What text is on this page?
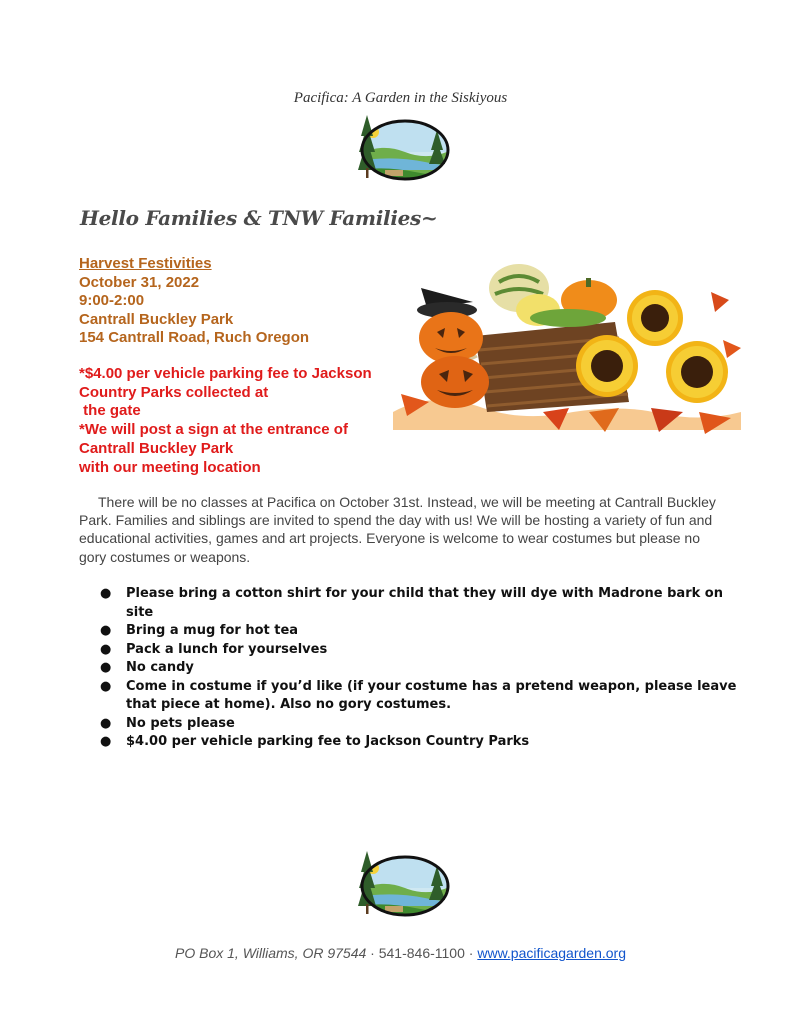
Pacifica: A Garden in the Siskiyous
Hello Families & TNW Families~
Harvest Festivities
October 31, 2022
9:00-2:00
Cantrall Buckley Park
154 Cantrall Road, Ruch Oregon
*$4.00 per vehicle parking fee to Jackson
Country Parks collected at
the gate
*We will post a sign at the entrance of
Cantrall Buckley Park
with our meeting location

There will be no classes at Pacifica on October 31st. Instead, we will be meeting at Cantrall Buckley Park. Families and siblings are invited to spend the day with us! We will be hosting a variety of fun and educational activities, games and art projects. Everyone is welcome to wear costumes but please no gory costumes or weapons.

● Please bring a cotton shirt for your child that they will dye with Madrone bark on site
● Bring a mug for hot tea
● Pack a lunch for yourselves
● No candy
● Come in costume if you’d like (if your costume has a pretend weapon, please leave that piece at home). Also no gory costumes.
● No pets please
● $4.00 per vehicle parking fee to Jackson Country Parks
PO Box 1, Williams, OR 97544 · 541-846-1100 · www.pacificagarden.org
